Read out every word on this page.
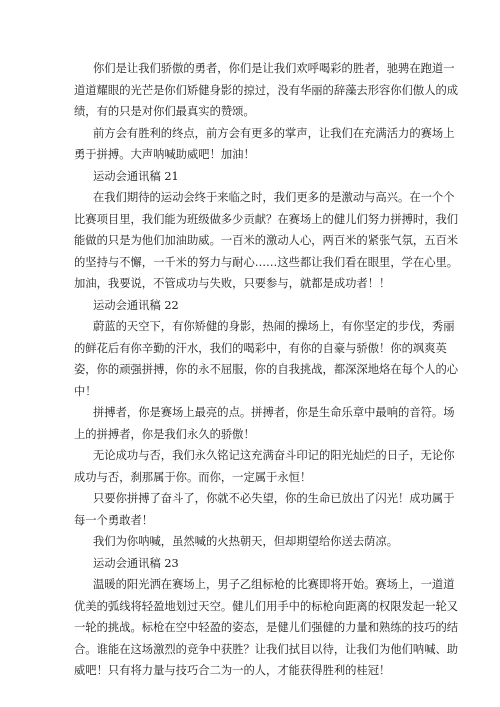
你们是让我们骄傲的勇者，你们是让我们欢呼喝彩的胜者，驰骋在跑道一
道道耀眼的光芒是你们矫健身影的掠过，没有华丽的辞藻去形容你们傲人的成
绩，有的只是对你们最真实的赞颂。

前方会有胜利的终点，前方会有更多的掌声，让我们在充满活力的赛场上
勇于拼搏。大声呐喊助威吧！加油！

运动会通讯稿 21

在我们期待的运动会终于来临之时，我们更多的是激动与高兴。在一个个
比赛项目里，我们能为班级做多少贡献？在赛场上的健儿们努力拼搏时，我们
能做的只是为他们加油助威。一百米的激动人心，两百米的紧张气氛，五百米
的坚持与不懈，一千米的努力与耐心……这些都让我们看在眼里，学在心里。
加油，我要说，不管成功与失败，只要参与，就都是成功者！！

运动会通讯稿 22

蔚蓝的天空下，有你矫健的身影，热闹的操场上，有你坚定的步伐，秀丽
的鲜花后有你辛勤的汗水，我们的喝彩中，有你的自豪与骄傲！你的飒爽英
姿，你的顽强拼搏，你的永不屈服，你的自我挑战，都深深地烙在每个人的心
中！

拼搏者，你是赛场上最亮的点。拼搏者，你是生命乐章中最响的音符。场
上的拼搏者，你是我们永久的骄傲！

无论成功与否，我们永久铭记这充满奋斗印记的阳光灿烂的日子，无论你
成功与否，刹那属于你。而你，一定属于永恒！

只要你拼搏了奋斗了，你就不必失望，你的生命已放出了闪光！成功属于
每一个勇敢者！

我们为你呐喊，虽然喊的火热朝天，但却期望给你送去荫凉。

运动会通讯稿 23

温暖的阳光洒在赛场上，男子乙组标枪的比赛即将开始。赛场上，一道道
优美的弧线将轻盈地划过天空。健儿们用手中的标枪向距离的权限发起一轮又
一轮的挑战。标枪在空中轻盈的姿态，是健儿们强健的力量和熟练的技巧的结
合。谁能在这场激烈的竞争中获胜？让我们拭目以待，让我们为他们呐喊、助
威吧！只有将力量与技巧合二为一的人，才能获得胜利的桂冠！
